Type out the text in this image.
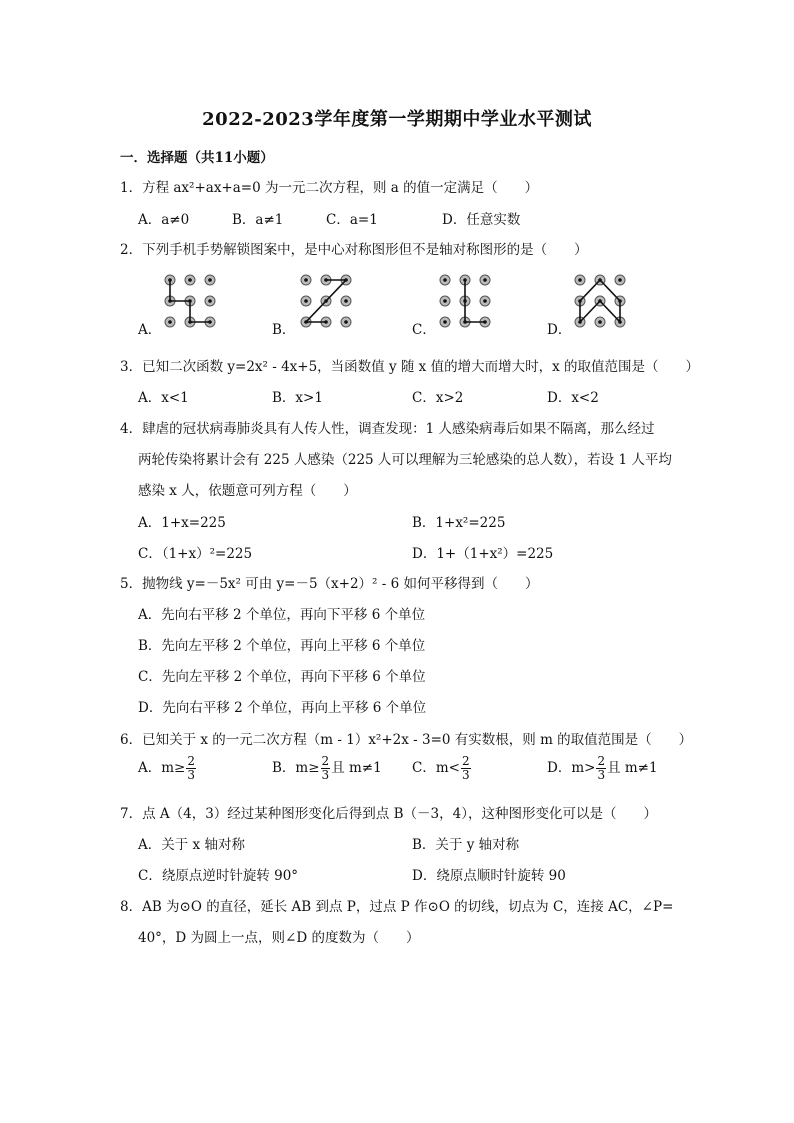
2022-2023学年度第一学期期中学业水平测试
一．选择题（共11小题）
1．方程 ax²+ax+a=0 为一元二次方程，则 a 的值一定满足（　　）
A．a≠0	B．a≠1	C．a=1	D．任意实数
2．下列手机手势解锁图案中，是中心对称图形但不是轴对称图形的是（　　）
A．	B．	C．	D．
3．已知二次函数 y=2x² - 4x+5，当函数值 y 随 x 值的增大而增大时，x 的取值范围是（　　）
A．x<1	B．x>1	C．x>2	D．x<2
4．肆虐的冠状病毒肺炎具有人传人性，调查发现：1 人感染病毒后如果不隔离，那么经过
两轮传染将累计会有 225 人感染（225 人可以理解为三轮感染的总人数），若设 1 人平均
感染 x 人，依题意可列方程（　　）
A．1+x=225	B．1+x²=225
C．（1+x）²=225	D．1+（1+x²）=225
5．抛物线 y=－5x² 可由 y=－5（x+2）² - 6 如何平移得到（　　）
A．先向右平移 2 个单位，再向下平移 6 个单位
B．先向左平移 2 个单位，再向上平移 6 个单位
C．先向左平移 2 个单位，再向下平移 6 个单位
D．先向右平移 2 个单位，再向上平移 6 个单位
6．已知关于 x 的一元二次方程（m - 1）x²+2x - 3=0 有实数根，则 m 的取值范围是（　　）
A．$m\ge \frac{2}{3}$	B．$m\ge \frac{2}{3}$ 且 m≠1 C．$m< \frac{2}{3}$	D．$m> \frac{2}{3}$ 且 m≠1
7．点 A（4，3）经过某种图形变化后得到点 B（－3，4），这种图形变化可以是（　　）
A．关于 x 轴对称	B．关于 y 轴对称
C．绕原点逆时针旋转 90°	D．绕原点顺时针旋转 90
8．AB 为⊙O 的直径，延长 AB 到点 P，过点 P 作⊙O 的切线，切点为 C，连接 AC，∠P=
40°，D 为圆上一点，则∠D 的度数为（　　）
